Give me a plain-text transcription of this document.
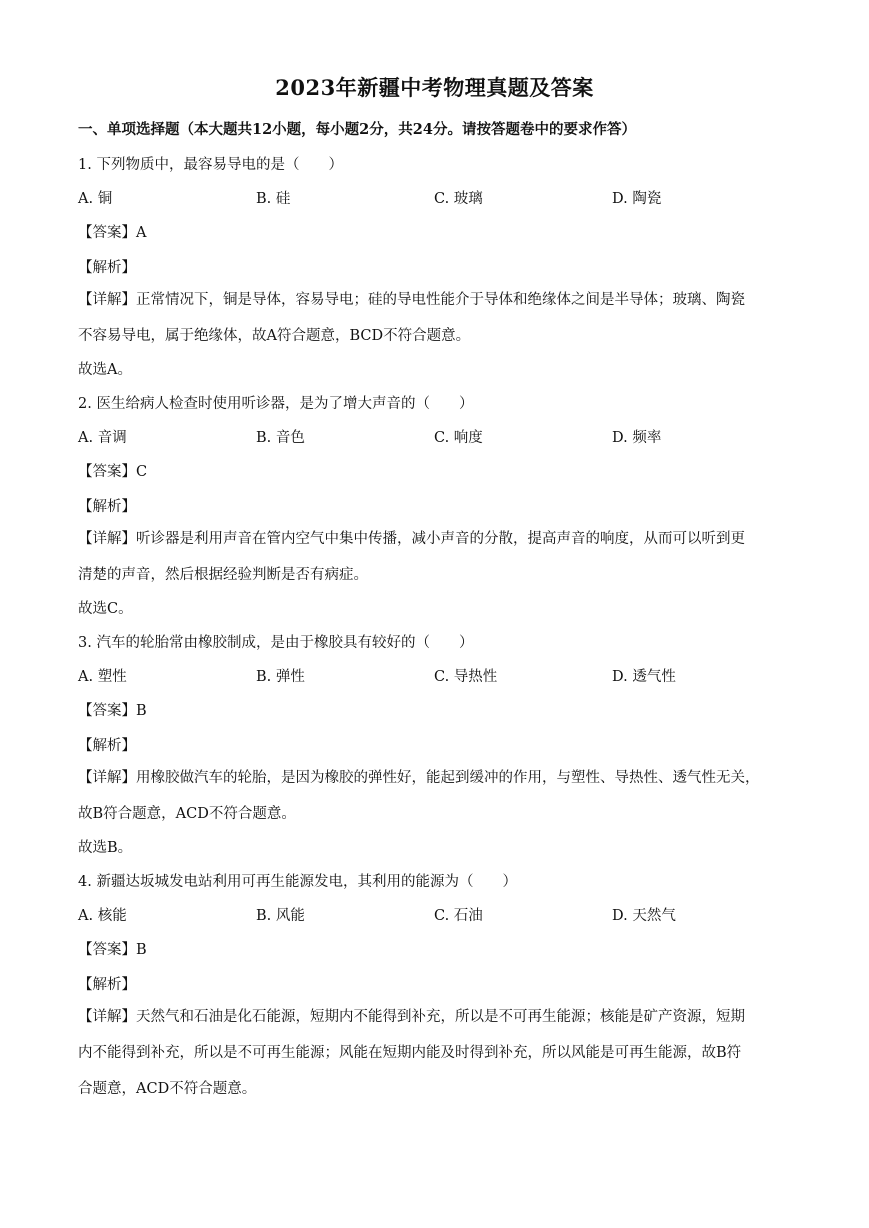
2023年新疆中考物理真题及答案
一、单项选择题（本大题共12小题，每小题2分，共24分。请按答题卷中的要求作答）
1. 下列物质中，最容易导电的是（　　）
A. 铜	B. 硅	C. 玻璃	D. 陶瓷
【答案】A
【解析】
【详解】正常情况下，铜是导体，容易导电；硅的导电性能介于导体和绝缘体之间是半导体；玻璃、陶瓷
不容易导电，属于绝缘体，故A符合题意，BCD不符合题意。
故选A。
2. 医生给病人检查时使用听诊器，是为了增大声音的（　　）
A. 音调	B. 音色	C. 响度	D. 频率
【答案】C
【解析】
【详解】听诊器是利用声音在管内空气中集中传播，减小声音的分散，提高声音的响度，从而可以听到更
清楚的声音，然后根据经验判断是否有病症。
故选C。
3. 汽车的轮胎常由橡胶制成，是由于橡胶具有较好的（　　）
A. 塑性	B. 弹性	C. 导热性	D. 透气性
【答案】B
【解析】
【详解】用橡胶做汽车的轮胎，是因为橡胶的弹性好，能起到缓冲的作用，与塑性、导热性、透气性无关，
故B符合题意，ACD不符合题意。
故选B。
4. 新疆达坂城发电站利用可再生能源发电，其利用的能源为（　　）
A. 核能	B. 风能	C. 石油	D. 天然气
【答案】B
【解析】
【详解】天然气和石油是化石能源，短期内不能得到补充，所以是不可再生能源；核能是矿产资源，短期
内不能得到补充，所以是不可再生能源；风能在短期内能及时得到补充，所以风能是可再生能源，故B符
合题意，ACD不符合题意。
